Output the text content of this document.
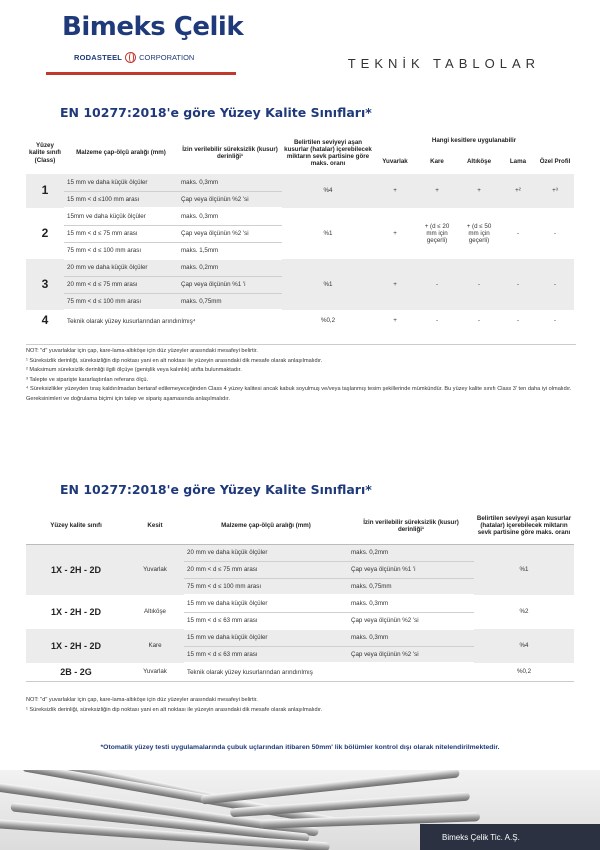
Bimeks Çelik
RODASTEEL CORPORATION	TEKNİK TABLOLAR
EN 10277:2018'e göre Yüzey Kalite Sınıfları*
Yüzey kalite sınıfı (Class)	Malzeme çap-ölçü aralığı (mm)	İzin verilebilir süreksizlik (kusur) derinliği¹	Belirtilen seviyeyi aşan kusurlar (hatalar) içerebilecek miktarın sevk partisine göre maks. oranı	Hangi kesitlere uygulanabilir				
				Yuvarlak	Kare	Altıköşe	Lama	Özel Profil
1	15 mm ve daha küçük ölçüler	maks. 0,3mm	%4	+	+	+	+²	+³
	15 mm < d ≤100 mm arası	Çap veya ölçünün %2 'si						
2	15mm ve daha küçük ölçüler	maks. 0,3mm	%1	+	+ (d ≤ 20 mm için geçerli)	+ (d ≤ 50 mm için geçerli)	-	-
	15 mm < d ≤ 75 mm arası	Çap veya ölçünün %2 'si						
	75 mm < d ≤ 100 mm arası	maks. 1,5mm						
3	20 mm ve daha küçük ölçüler	maks. 0,2mm	%1	+	-	-	-	-
	20 mm < d ≤ 75 mm arası	Çap veya ölçünün %1 'i						
	75 mm < d ≤ 100 mm arası	maks. 0,75mm						
4	Teknik olarak yüzey kusurlarından arındırılmış⁴		%0,2	+	-	-	-	-

NOT: "d" yuvarlaklar için çap, kare-lama-altıköşe için düz yüzeyler arasındaki mesafeyi belirtir.

¹ Süreksizlik derinliği, süreksizliğin dip noktası yani en alt noktası ile yüzeyin arasındaki dik mesafe olarak anlaşılmalıdır.

² Maksimum süreksizlik derinliği ilgili ölçüye (genişlik veya kalınlık) atıfta bulunmaktadır.

³ Talepte ve siparişte kararlaştırılan referans ölçü.

⁴ Süreksizlikler yüzeyden tıraş kaldırılmadan bertaraf edilemeyeceğinden Class 4 yüzey kalitesi ancak kabuk soyulmuş ve/veya taşlanmış tesim şekillerinde mümkündür. Bu yüzey kalite sınıfı Class 3' ten daha iyi olmalıdır. Gereksinimleri ve doğrulama biçimi için talep ve sipariş aşamasında anlaşılmalıdır.

EN 10277:2018'e göre Yüzey Kalite Sınıfları*
Yüzey kalite sınıfı	Kesit	Malzeme çap-ölçü aralığı (mm)	İzin verilebilir süreksizlik (kusur) derinliği¹	Belirtilen seviyeyi aşan kusurlar (hatalar) içerebilecek miktarın sevk partisine göre maks. oranı
1X - 2H - 2D	Yuvarlak	20 mm ve daha küçük ölçüler	maks. 0,2mm	%1
		20 mm < d ≤ 75 mm arası	Çap veya ölçünün %1 'i	
		75 mm < d ≤ 100 mm arası	maks. 0,75mm	
1X - 2H - 2D	Altıköşe	15 mm ve daha küçük ölçüler	maks. 0,3mm	%2
		15 mm < d ≤ 63 mm arası	Çap veya ölçünün %2 'si	
1X - 2H - 2D	Kare	15 mm ve daha küçük ölçüler	maks. 0,3mm	%4
		15 mm < d ≤ 63 mm arası	Çap veya ölçünün %2 'si	
2B - 2G	Yuvarlak	Teknik olarak yüzey kusurlarından arındırılmış		%0,2

NOT: "d" yuvarlaklar için çap, kare-lama-altıköşe için düz yüzeyler arasındaki mesafeyi belirtir.

¹ Süreksizlik derinliği, süreksizliğin dip noktası yani en alt noktası ile yüzeyin arasındaki dik mesafe olarak anlaşılmalıdır.

*Otomatik yüzey testi uygulamalarında çubuk uçlarından itibaren 50mm' lik bölümler kontrol dışı olarak nitelendirilmektedir.
Bimeks Çelik Tic. A.Ş.
